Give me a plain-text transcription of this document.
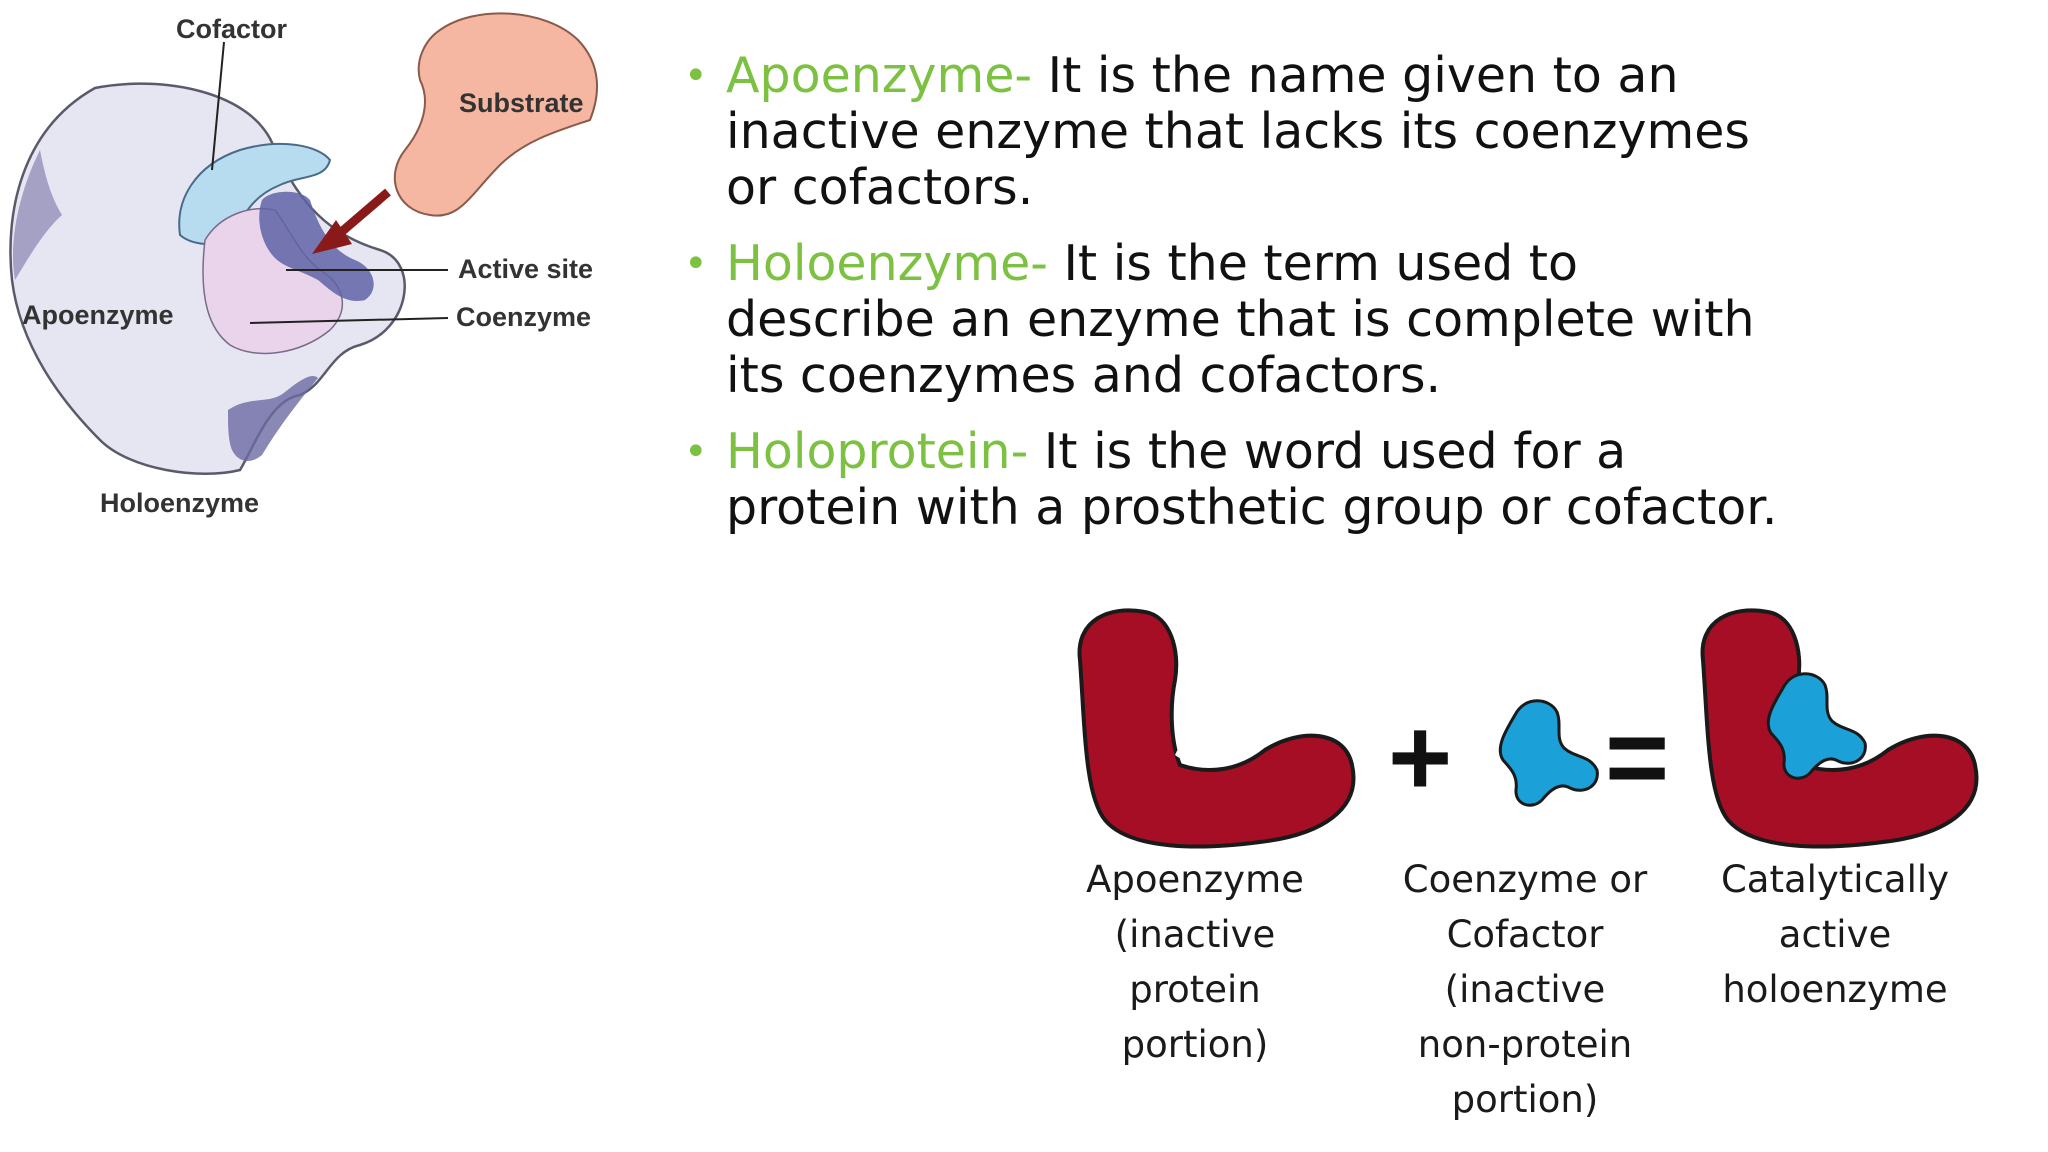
Cofactor
Substrate
Active site
Apoenzyme	Coenzyme
Holoenzyme
• Apoenzyme- It is the name given to an inactive enzyme that lacks its coenzymes or cofactors.
• Holoenzyme- It is the term used to describe an enzyme that is complete with its coenzymes and cofactors.
• Holoprotein- It is the word used for a protein with a prosthetic group or cofactor.
+ =
Apoenzyme
(inactive
protein
portion)
Coenzyme or
Cofactor
(inactive
non-protein
portion)
Catalytically
active
holoenzyme
